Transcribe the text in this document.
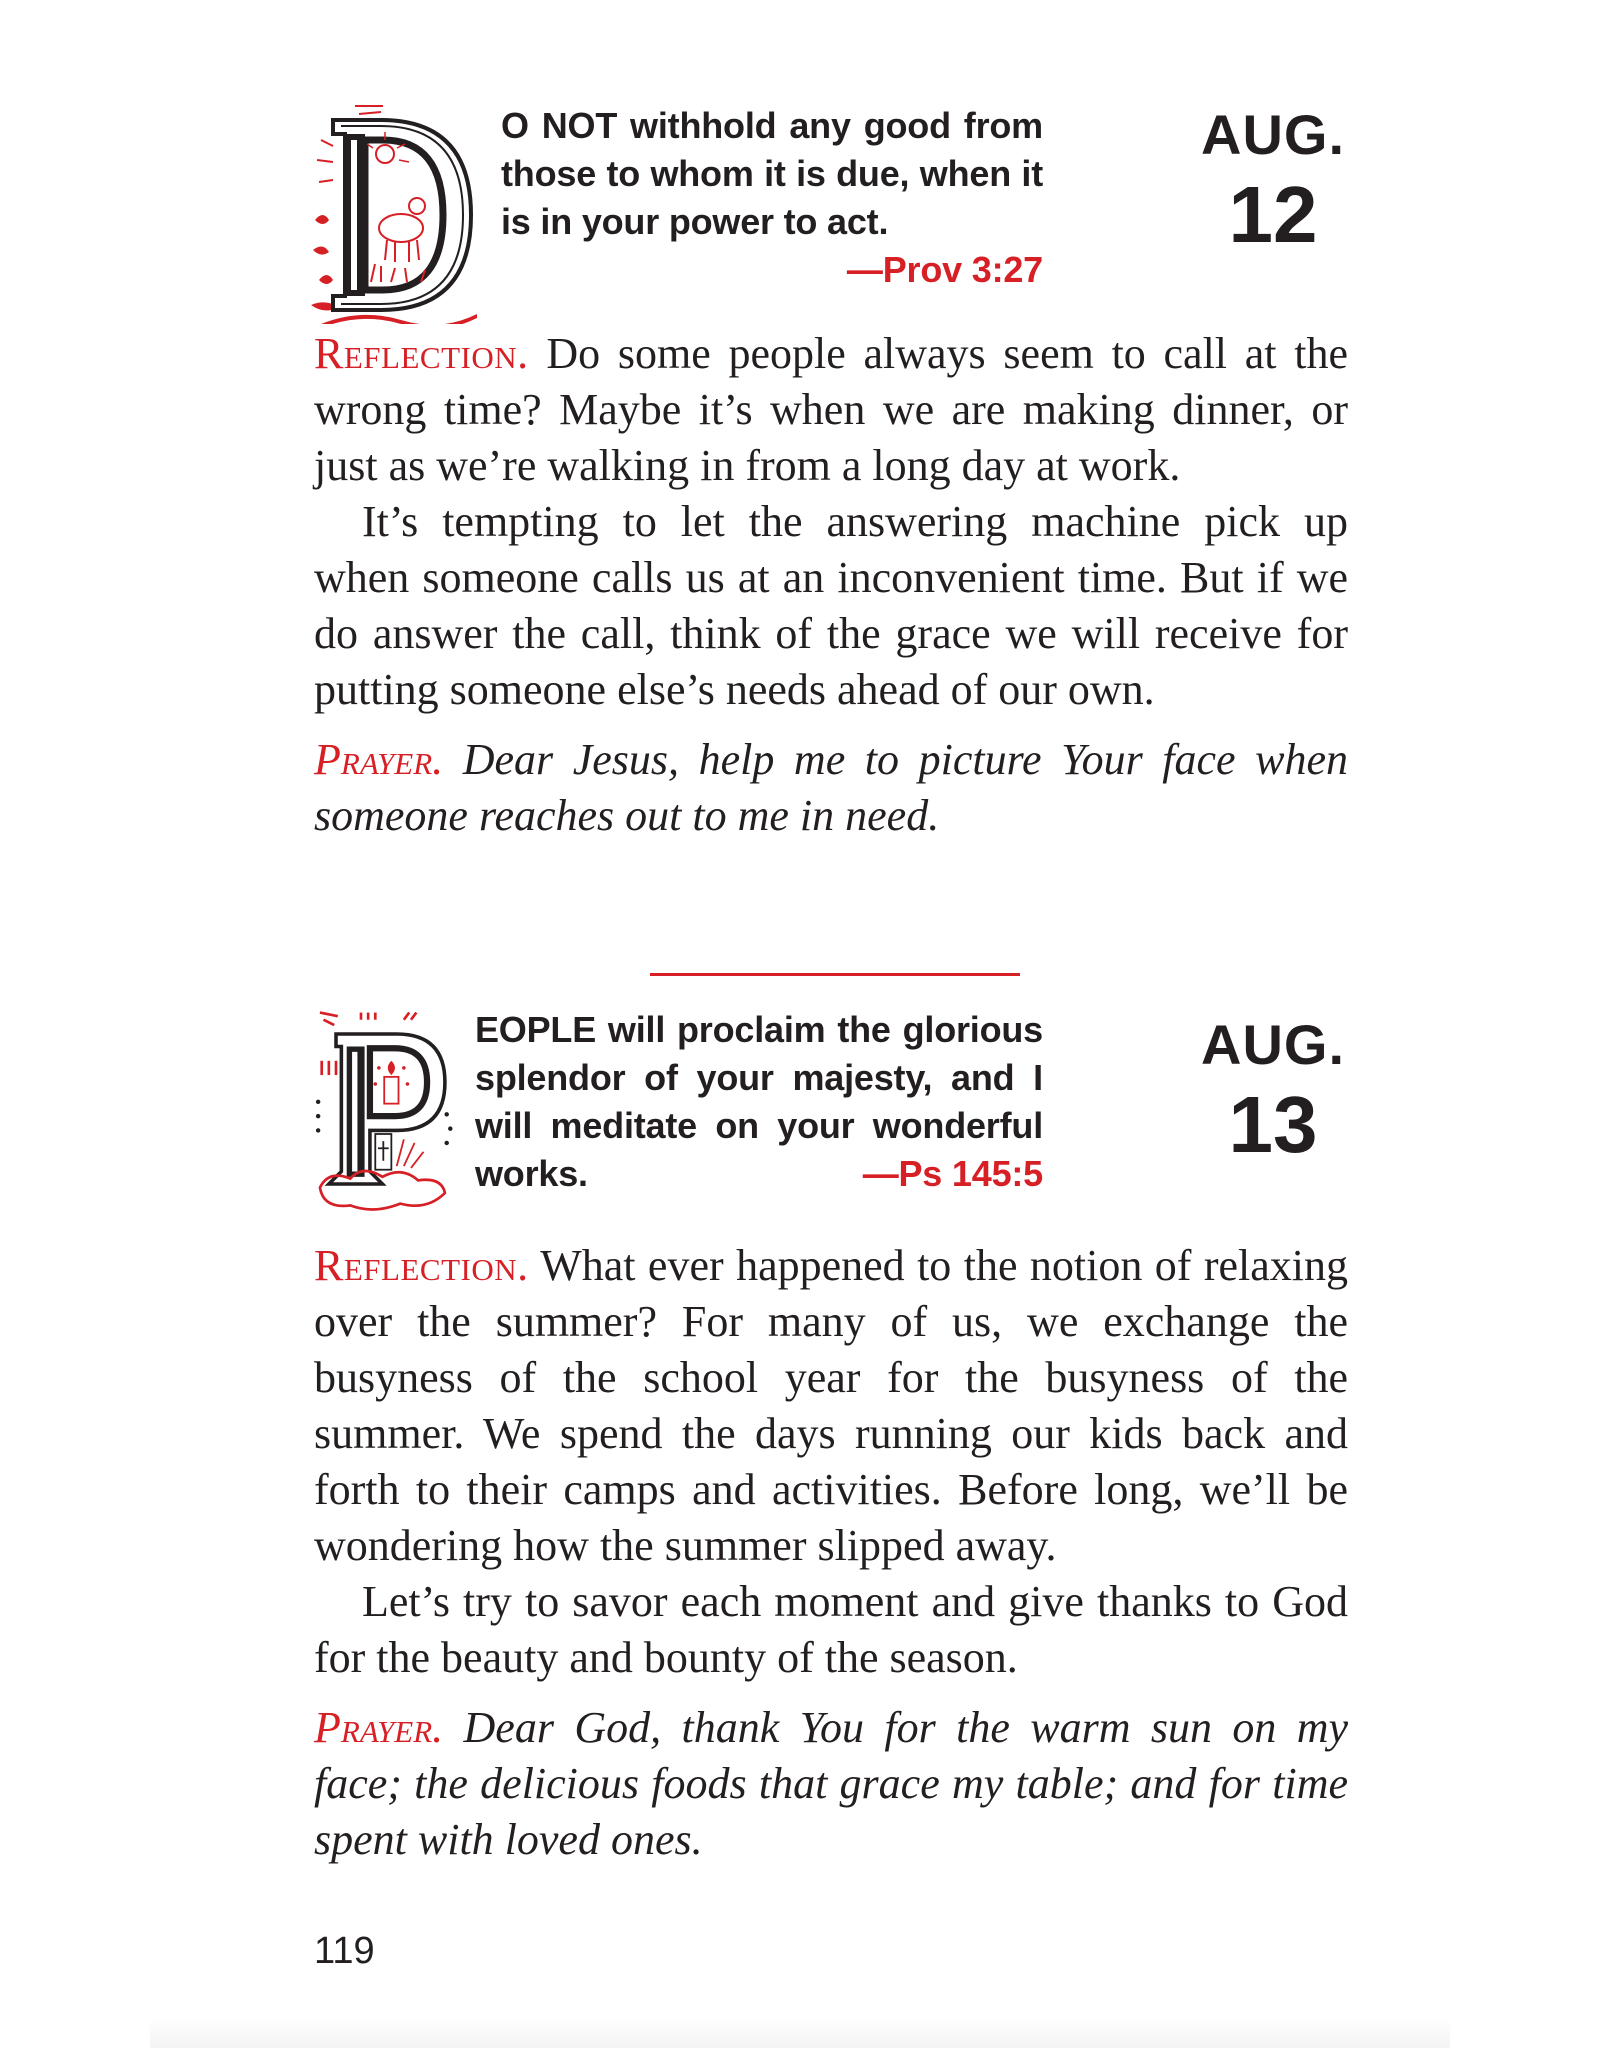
O NOT withhold any good from those to whom it is due, when it is in your power to act.
—Prov 3:27
AUG.
12

Reflection. Do some people always seem to call at the wrong time? Maybe it’s when we are making dinner, or just as we’re walking in from a long day at work.

It’s tempting to let the answering machine pick up when someone calls us at an inconvenient time. But if we do answer the call, think of the grace we will receive for putting someone else’s needs ahead of our own.

Prayer. Dear Jesus, help me to picture Your face when someone reaches out to me in need.

EOPLE will proclaim the glorious splendor of your majesty, and I will meditate on your wonderful works.	—Ps 145:5
AUG.
13

Reflection. What ever happened to the notion of relaxing over the summer? For many of us, we exchange the busyness of the school year for the busyness of the summer. We spend the days running our kids back and forth to their camps and activities. Before long, we’ll be wondering how the summer slipped away.

Let’s try to savor each moment and give thanks to God for the beauty and bounty of the season.

Prayer. Dear God, thank You for the warm sun on my face; the delicious foods that grace my table; and for time spent with loved ones.

119
